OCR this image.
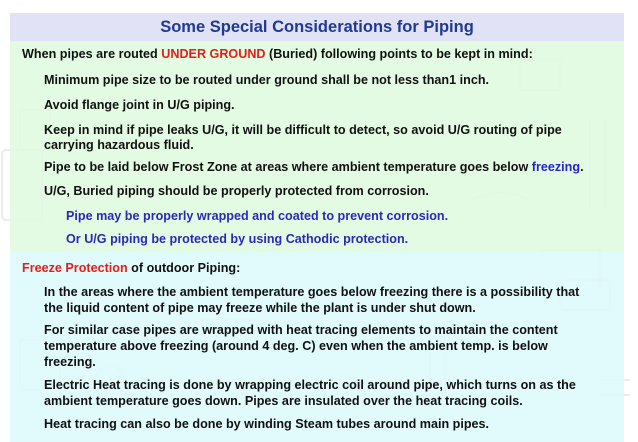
Some Special Considerations for Piping
When pipes are routed UNDER GROUND (Buried) following points to be kept in mind:
Minimum pipe size to be routed under ground shall be not less than1 inch.
Avoid flange joint in U/G piping.
Keep in mind if pipe leaks U/G, it will be difficult to detect, so avoid U/G routing of pipe
carrying hazardous fluid.
Pipe to be laid below Frost Zone at areas where ambient temperature goes below freezing.
U/G, Buried piping should be properly protected from corrosion.
Pipe may be properly wrapped and coated to prevent corrosion.
Or U/G piping be protected by using Cathodic protection.
Freeze Protection of outdoor Piping:
In the areas where the ambient temperature goes below freezing there is a possibility that
the liquid content of pipe may freeze while the plant is under shut down.
For similar case pipes are wrapped with heat tracing elements to maintain the content
temperature above freezing (around 4 deg. C) even when the ambient temp. is below
freezing.
Electric Heat tracing is done by wrapping electric coil around pipe, which turns on as the
ambient temperature goes down. Pipes are insulated over the heat tracing coils.
Heat tracing can also be done by winding Steam tubes around main pipes.
